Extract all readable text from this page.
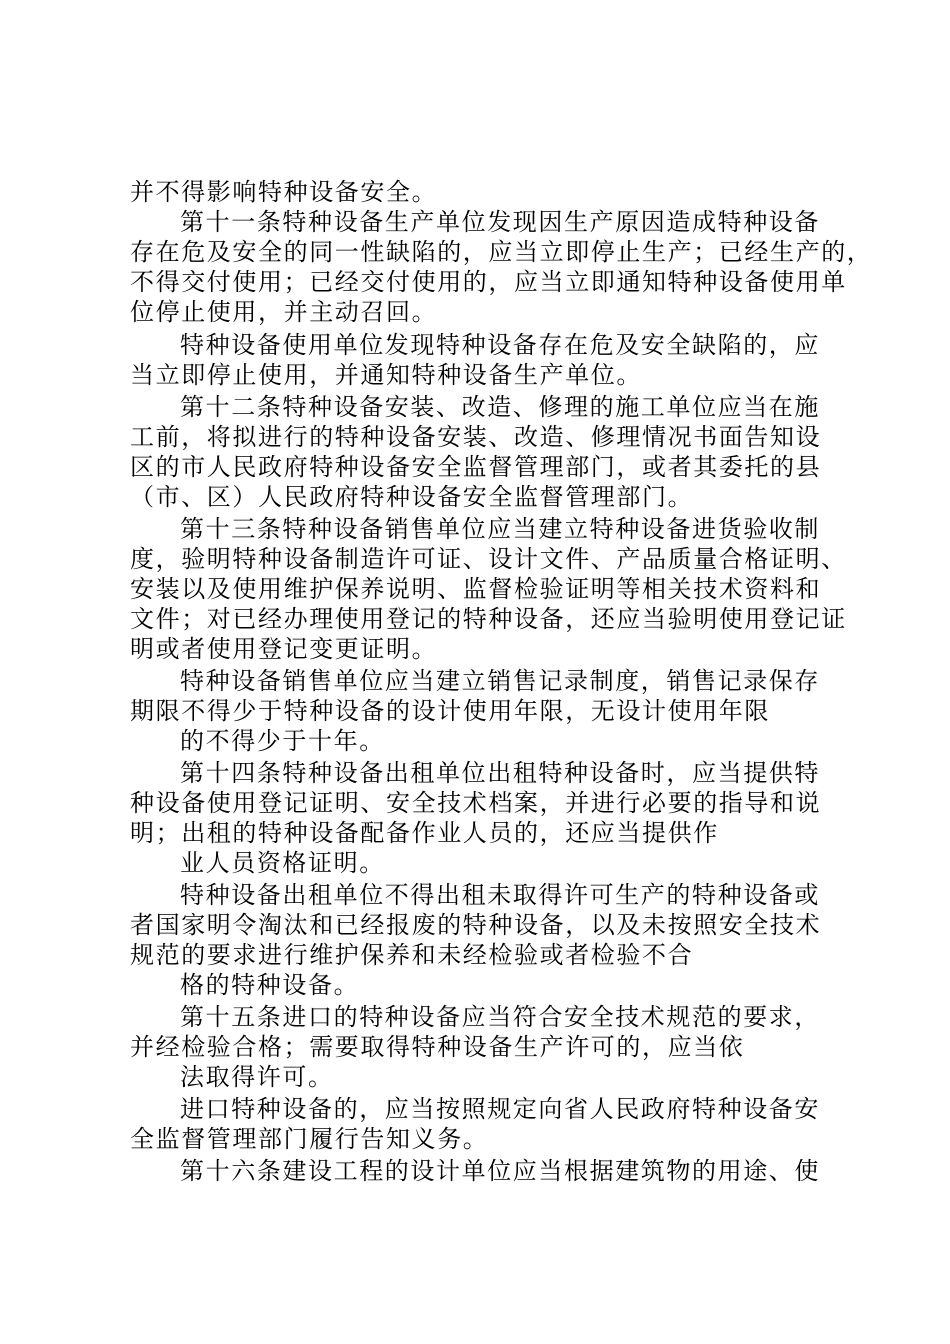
并不得影响特种设备安全。
第十一条特种设备生产单位发现因生产原因造成特种设备
存在危及安全的同一性缺陷的，应当立即停止生产；已经生产的，
不得交付使用；已经交付使用的，应当立即通知特种设备使用单
位停止使用，并主动召回。
特种设备使用单位发现特种设备存在危及安全缺陷的，应
当立即停止使用，并通知特种设备生产单位。
第十二条特种设备安装、改造、修理的施工单位应当在施
工前，将拟进行的特种设备安装、改造、修理情况书面告知设
区的市人民政府特种设备安全监督管理部门，或者其委托的县
（市、区）人民政府特种设备安全监督管理部门。
第十三条特种设备销售单位应当建立特种设备进货验收制
度，验明特种设备制造许可证、设计文件、产品质量合格证明、
安装以及使用维护保养说明、监督检验证明等相关技术资料和
文件；对已经办理使用登记的特种设备，还应当验明使用登记证
明或者使用登记变更证明。
特种设备销售单位应当建立销售记录制度，销售记录保存
期限不得少于特种设备的设计使用年限，无设计使用年限
的不得少于十年。
第十四条特种设备出租单位出租特种设备时，应当提供特
种设备使用登记证明、安全技术档案，并进行必要的指导和说
明；出租的特种设备配备作业人员的，还应当提供作
业人员资格证明。
特种设备出租单位不得出租未取得许可生产的特种设备或
者国家明令淘汰和已经报废的特种设备，以及未按照安全技术
规范的要求进行维护保养和未经检验或者检验不合
格的特种设备。
第十五条进口的特种设备应当符合安全技术规范的要求，
并经检验合格；需要取得特种设备生产许可的，应当依
法取得许可。
进口特种设备的，应当按照规定向省人民政府特种设备安
全监督管理部门履行告知义务。
第十六条建设工程的设计单位应当根据建筑物的用途、使
